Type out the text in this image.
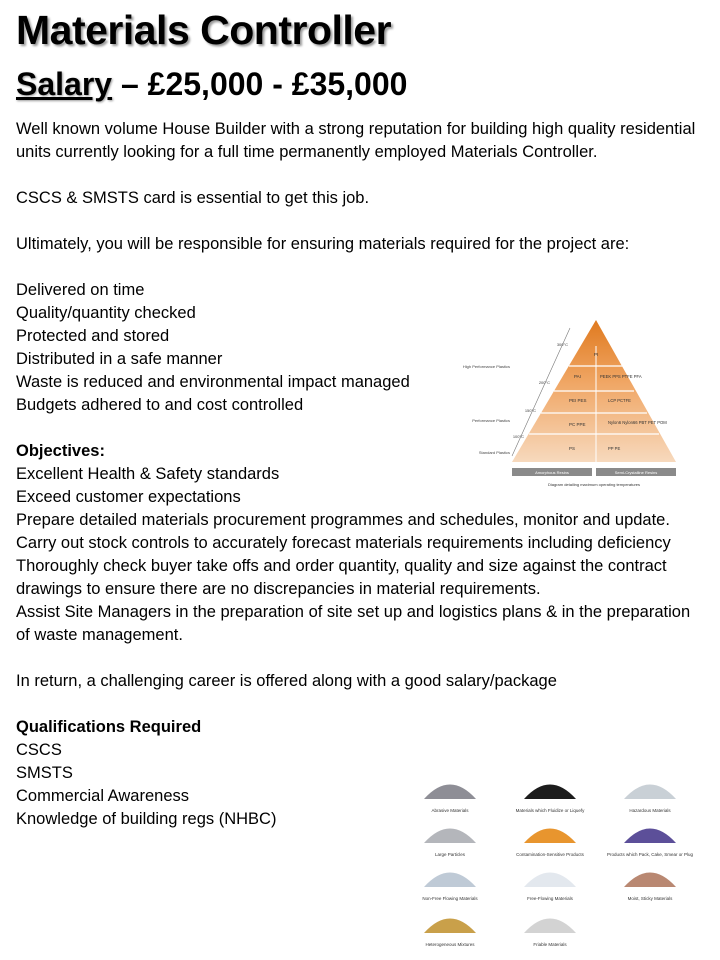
Materials Controller
Salary – £25,000 - £35,000

Well known volume House Builder with a strong reputation for building high quality residential units currently looking for a full time permanently employed Materials Controller.

CSCS & SMSTS card is essential to get this job.

Ultimately, you will be responsible for ensuring materials required for the project are:

Delivered on time

Quality/quantity checked

Protected and stored

Distributed in a safe manner

Waste is reduced and environmental impact managed

Budgets adhered to and cost controlled

Objectives:

Excellent Health & Safety standards

Exceed customer expectations

Prepare detailed materials procurement programmes and schedules, monitor and update.

Carry out stock controls to accurately forecast materials requirements including deficiency

Thoroughly check buyer take offs and order quantity, quality and size against the contract drawings to ensure there are no discrepancies in material requirements.

Assist Site Managers in the preparation of site set up and logistics plans & in the preparation of waste management.

In return, a challenging career is offered along with a good salary/package

Qualifications Required

CSCS

SMSTS

Commercial Awareness

Knowledge of building regs (NHBC)

PI
High Performance Plastics
Performance Plastics
Standard Plastics
300°C
200°C
150°C
100°C
PAI
PEI PES
PC PPE
PS
PEEK PPS PTFE PFA
LCP PCTFE
Nylon6 Nylon66 PBT PET POM
PP PE
Amorphous Resins	Semi-Crystalline Resins
Diagram detailing maximum operating temperatures
Abrasive Materials	Materials which Fluidize or Liquefy	Hazardous Materials
Large Particles	Contamination-Sensitive Products	Products which Pack, Cake, Smear or Plug
Non-Free Flowing Materials	Free-Flowing Materials	Moist, Sticky Materials
Heterogeneous Mixtures	Friable Materials
